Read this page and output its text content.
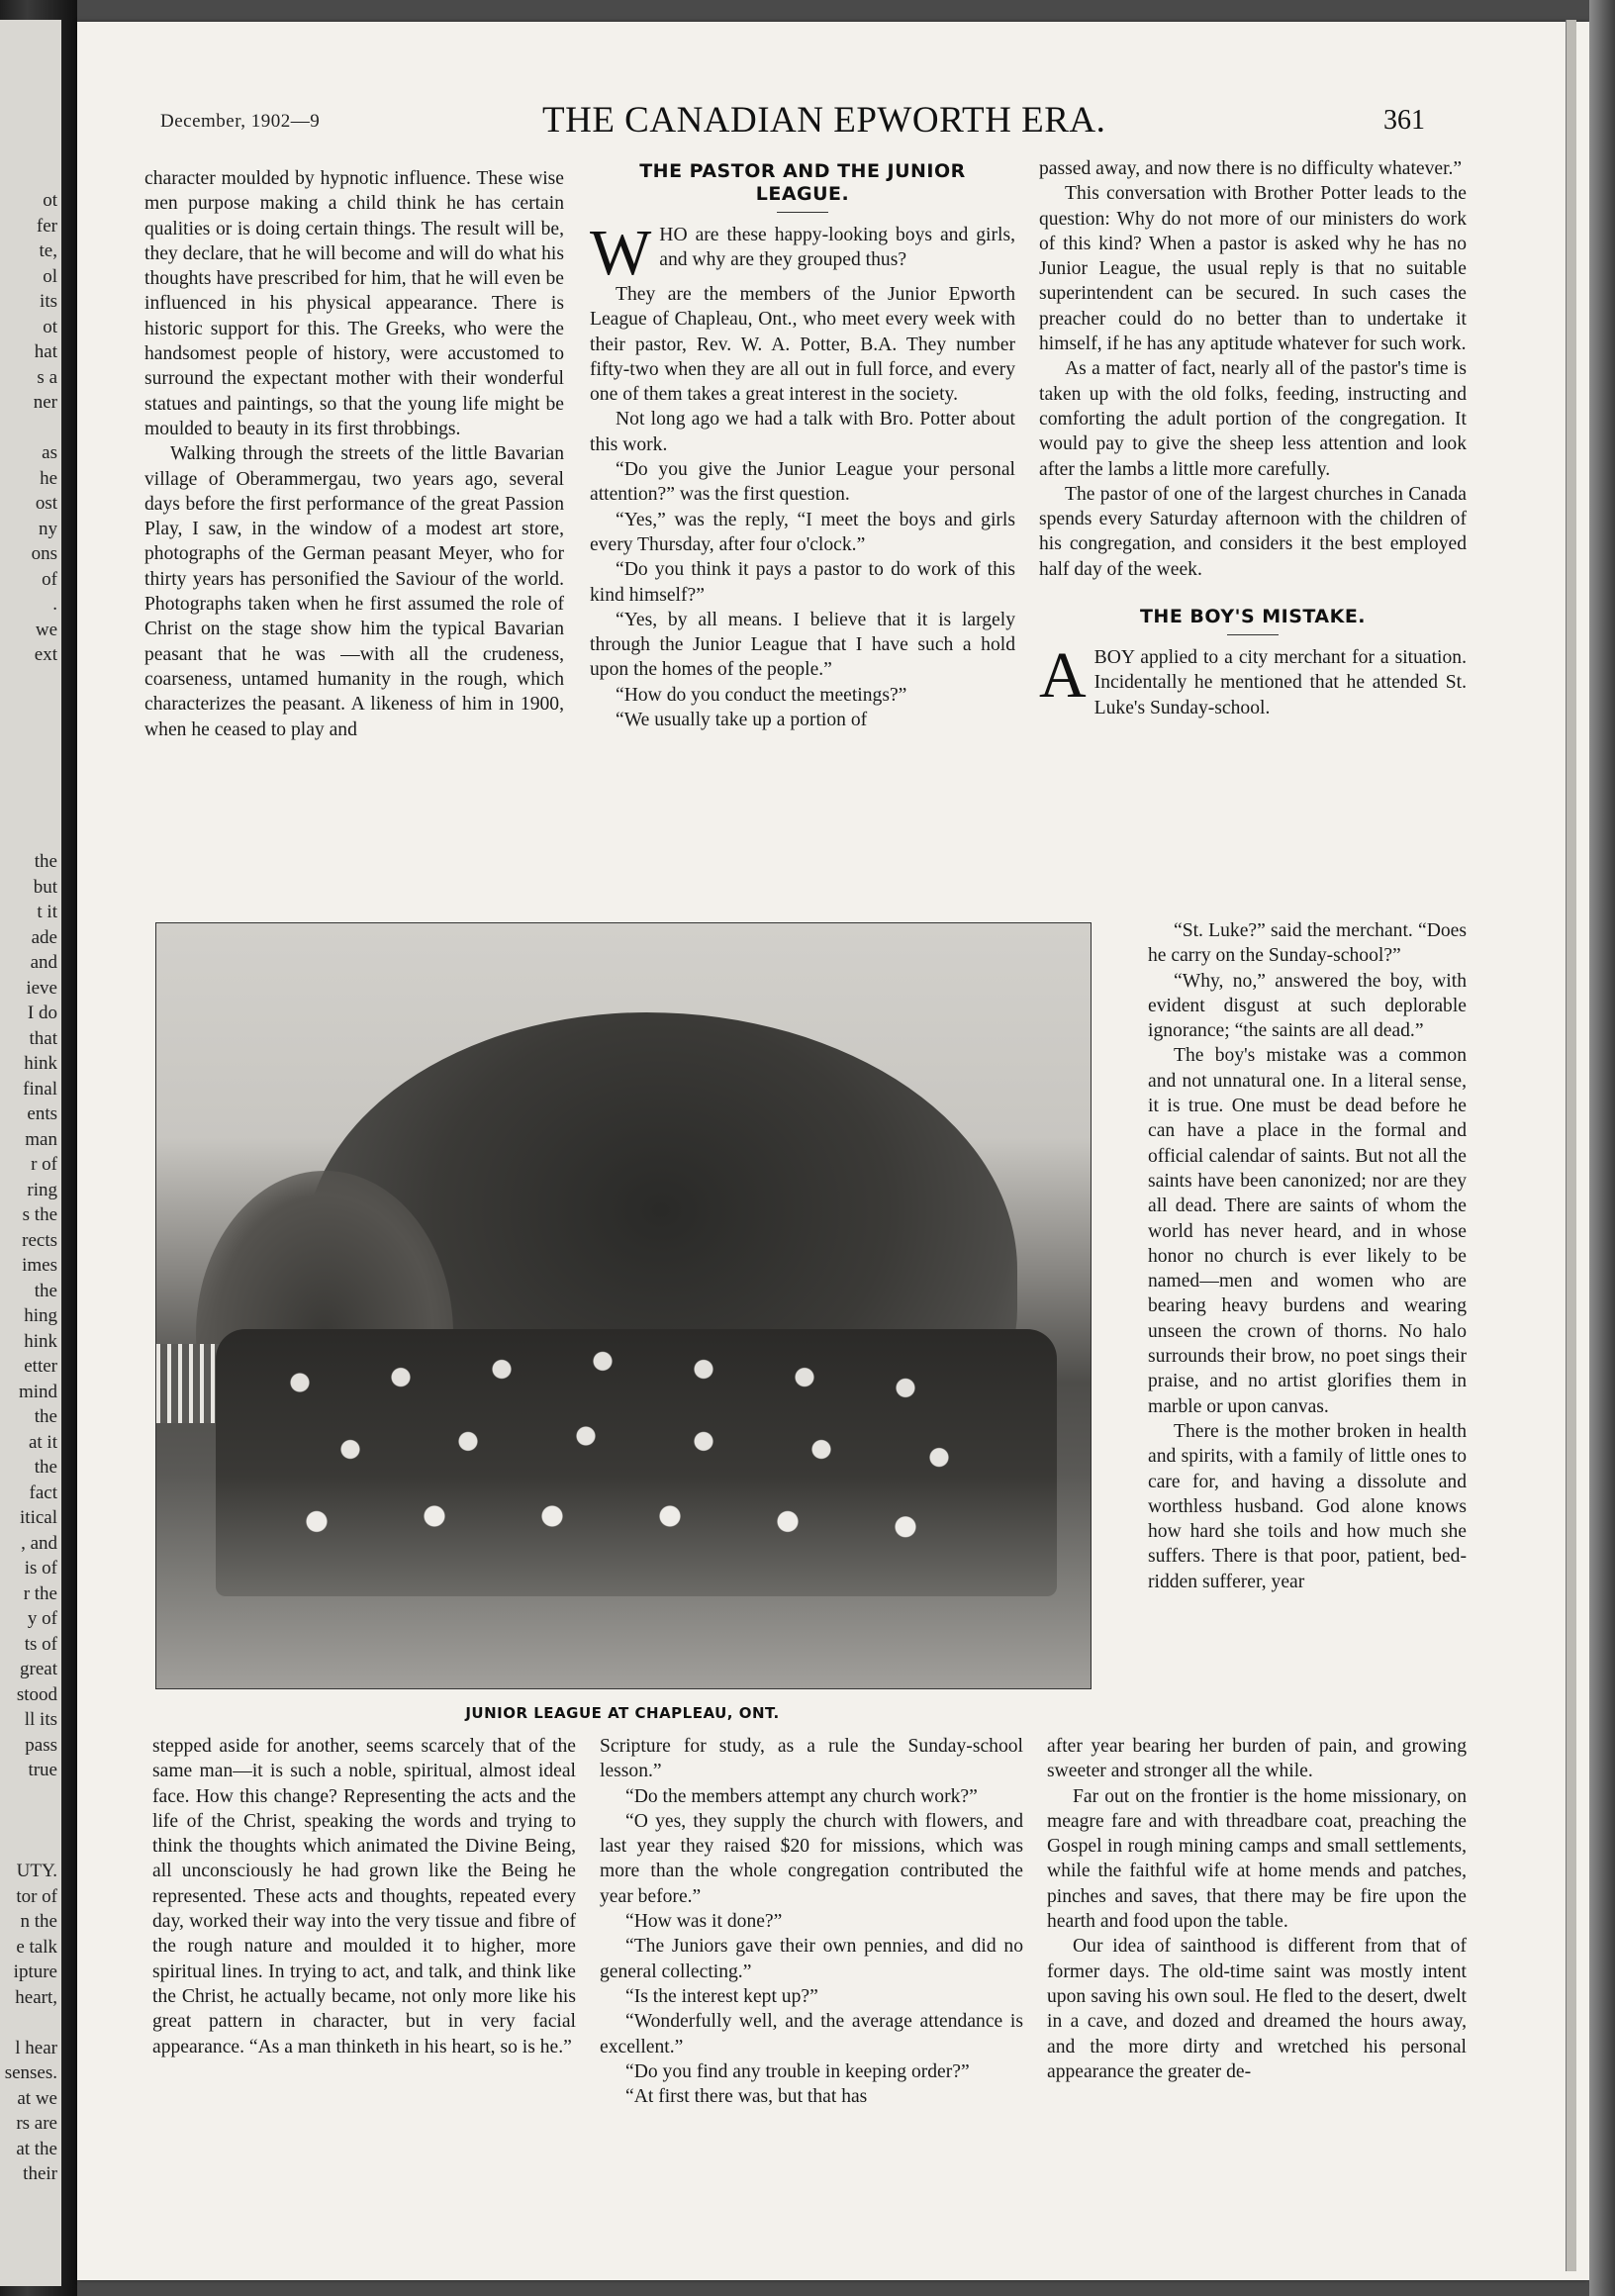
ot
fer
te,
ol
its
ot
hat
s a
ner
as
he
ost
ny
ons
of
.
we
ext
the
but
t it
ade
and
ieve
I do
that
hink
final
ents
man
r of
ring
s the
rects
imes
the
hing
hink
etter
mind
the
at it
the
fact
itical
, and
is of
r the
y of
ts of
great
stood
ll its
pass
true
UTY.
tor of
n the
e talk
ipture
heart,
l hear
senses.
at we
rs are
at the
their
December, 1902—9	THE CANADIAN EPWORTH ERA.	361

character moulded by hypnotic influence. These wise men purpose making a child think he has certain qualities or is doing certain things. The result will be, they declare, that he will become and will do what his thoughts have prescribed for him, that he will even be influenced in his physical appearance. There is historic support for this. The Greeks, who were the handsomest people of history, were accustomed to surround the expectant mother with their wonderful statues and paintings, so that the young life might be moulded to beauty in its first throbbings.

Walking through the streets of the little Bavarian village of Oberammergau, two years ago, several days before the first performance of the great Passion Play, I saw, in the window of a modest art store, photographs of the German peasant Meyer, who for thirty years has personified the Saviour of the world. Photographs taken when he first assumed the role of Christ on the stage show him the typical Bavarian peasant that he was —with all the crudeness, coarseness, untamed humanity in the rough, which characterizes the peasant. A likeness of him in 1900, when he ceased to play and

THE PASTOR AND THE JUNIOR LEAGUE.
W HO are these happy-looking boys and girls, and why are they grouped thus?

They are the members of the Junior Epworth League of Chapleau, Ont., who meet every week with their pastor, Rev. W. A. Potter, B.A. They number fifty-two when they are all out in full force, and every one of them takes a great interest in the society.

Not long ago we had a talk with Bro. Potter about this work.

“Do you give the Junior League your personal attention?” was the first question.

“Yes,” was the reply, “I meet the boys and girls every Thursday, after four o'clock.”

“Do you think it pays a pastor to do work of this kind himself?”

“Yes, by all means. I believe that it is largely through the Junior League that I have such a hold upon the homes of the people.”

“How do you conduct the meetings?”

“We usually take up a portion of

passed away, and now there is no difficulty whatever.”

This conversation with Brother Potter leads to the question: Why do not more of our ministers do work of this kind? When a pastor is asked why he has no Junior League, the usual reply is that no suitable superintendent can be secured. In such cases the preacher could do no better than to undertake it himself, if he has any aptitude whatever for such work.

As a matter of fact, nearly all of the pastor's time is taken up with the old folks, feeding, instructing and comforting the adult portion of the congregation. It would pay to give the sheep less attention and look after the lambs a little more carefully.

The pastor of one of the largest churches in Canada spends every Saturday afternoon with the children of his congregation, and considers it the best employed half day of the week.

THE BOY'S MISTAKE.
A BOY applied to a city merchant for a situation. Incidentally he mentioned that he attended St. Luke's Sunday-school.
JUNIOR LEAGUE AT CHAPLEAU, ONT.

“St. Luke?” said the merchant. “Does he carry on the Sunday-school?”

“Why, no,” answered the boy, with evident disgust at such deplorable ignorance; “the saints are all dead.”

The boy's mistake was a common and not unnatural one. In a literal sense, it is true. One must be dead before he can have a place in the formal and official calendar of saints. But not all the saints have been canonized; nor are they all dead. There are saints of whom the world has never heard, and in whose honor no church is ever likely to be named—men and women who are bearing heavy burdens and wearing unseen the crown of thorns. No halo surrounds their brow, no poet sings their praise, and no artist glorifies them in marble or upon canvas.

There is the mother broken in health and spirits, with a family of little ones to care for, and having a dissolute and worthless husband. God alone knows how hard she toils and how much she suffers. There is that poor, patient, bed-ridden sufferer, year

stepped aside for another, seems scarcely that of the same man—it is such a noble, spiritual, almost ideal face. How this change? Representing the acts and the life of the Christ, speaking the words and trying to think the thoughts which animated the Divine Being, all unconsciously he had grown like the Being he represented. These acts and thoughts, repeated every day, worked their way into the very tissue and fibre of the rough nature and moulded it to higher, more spiritual lines. In trying to act, and talk, and think like the Christ, he actually became, not only more like his great pattern in character, but in very facial appearance. “As a man thinketh in his heart, so is he.”

Scripture for study, as a rule the Sunday-school lesson.”

“Do the members attempt any church work?”

“O yes, they supply the church with flowers, and last year they raised $20 for missions, which was more than the whole congregation contributed the year before.”

“How was it done?”

“The Juniors gave their own pennies, and did no general collecting.”

“Is the interest kept up?”

“Wonderfully well, and the average attendance is excellent.”

“Do you find any trouble in keeping order?”

“At first there was, but that has

after year bearing her burden of pain, and growing sweeter and stronger all the while.

Far out on the frontier is the home missionary, on meagre fare and with threadbare coat, preaching the Gospel in rough mining camps and small settlements, while the faithful wife at home mends and patches, pinches and saves, that there may be fire upon the hearth and food upon the table.

Our idea of sainthood is different from that of former days. The old-time saint was mostly intent upon saving his own soul. He fled to the desert, dwelt in a cave, and dozed and dreamed the hours away, and the more dirty and wretched his personal appearance the greater de-
